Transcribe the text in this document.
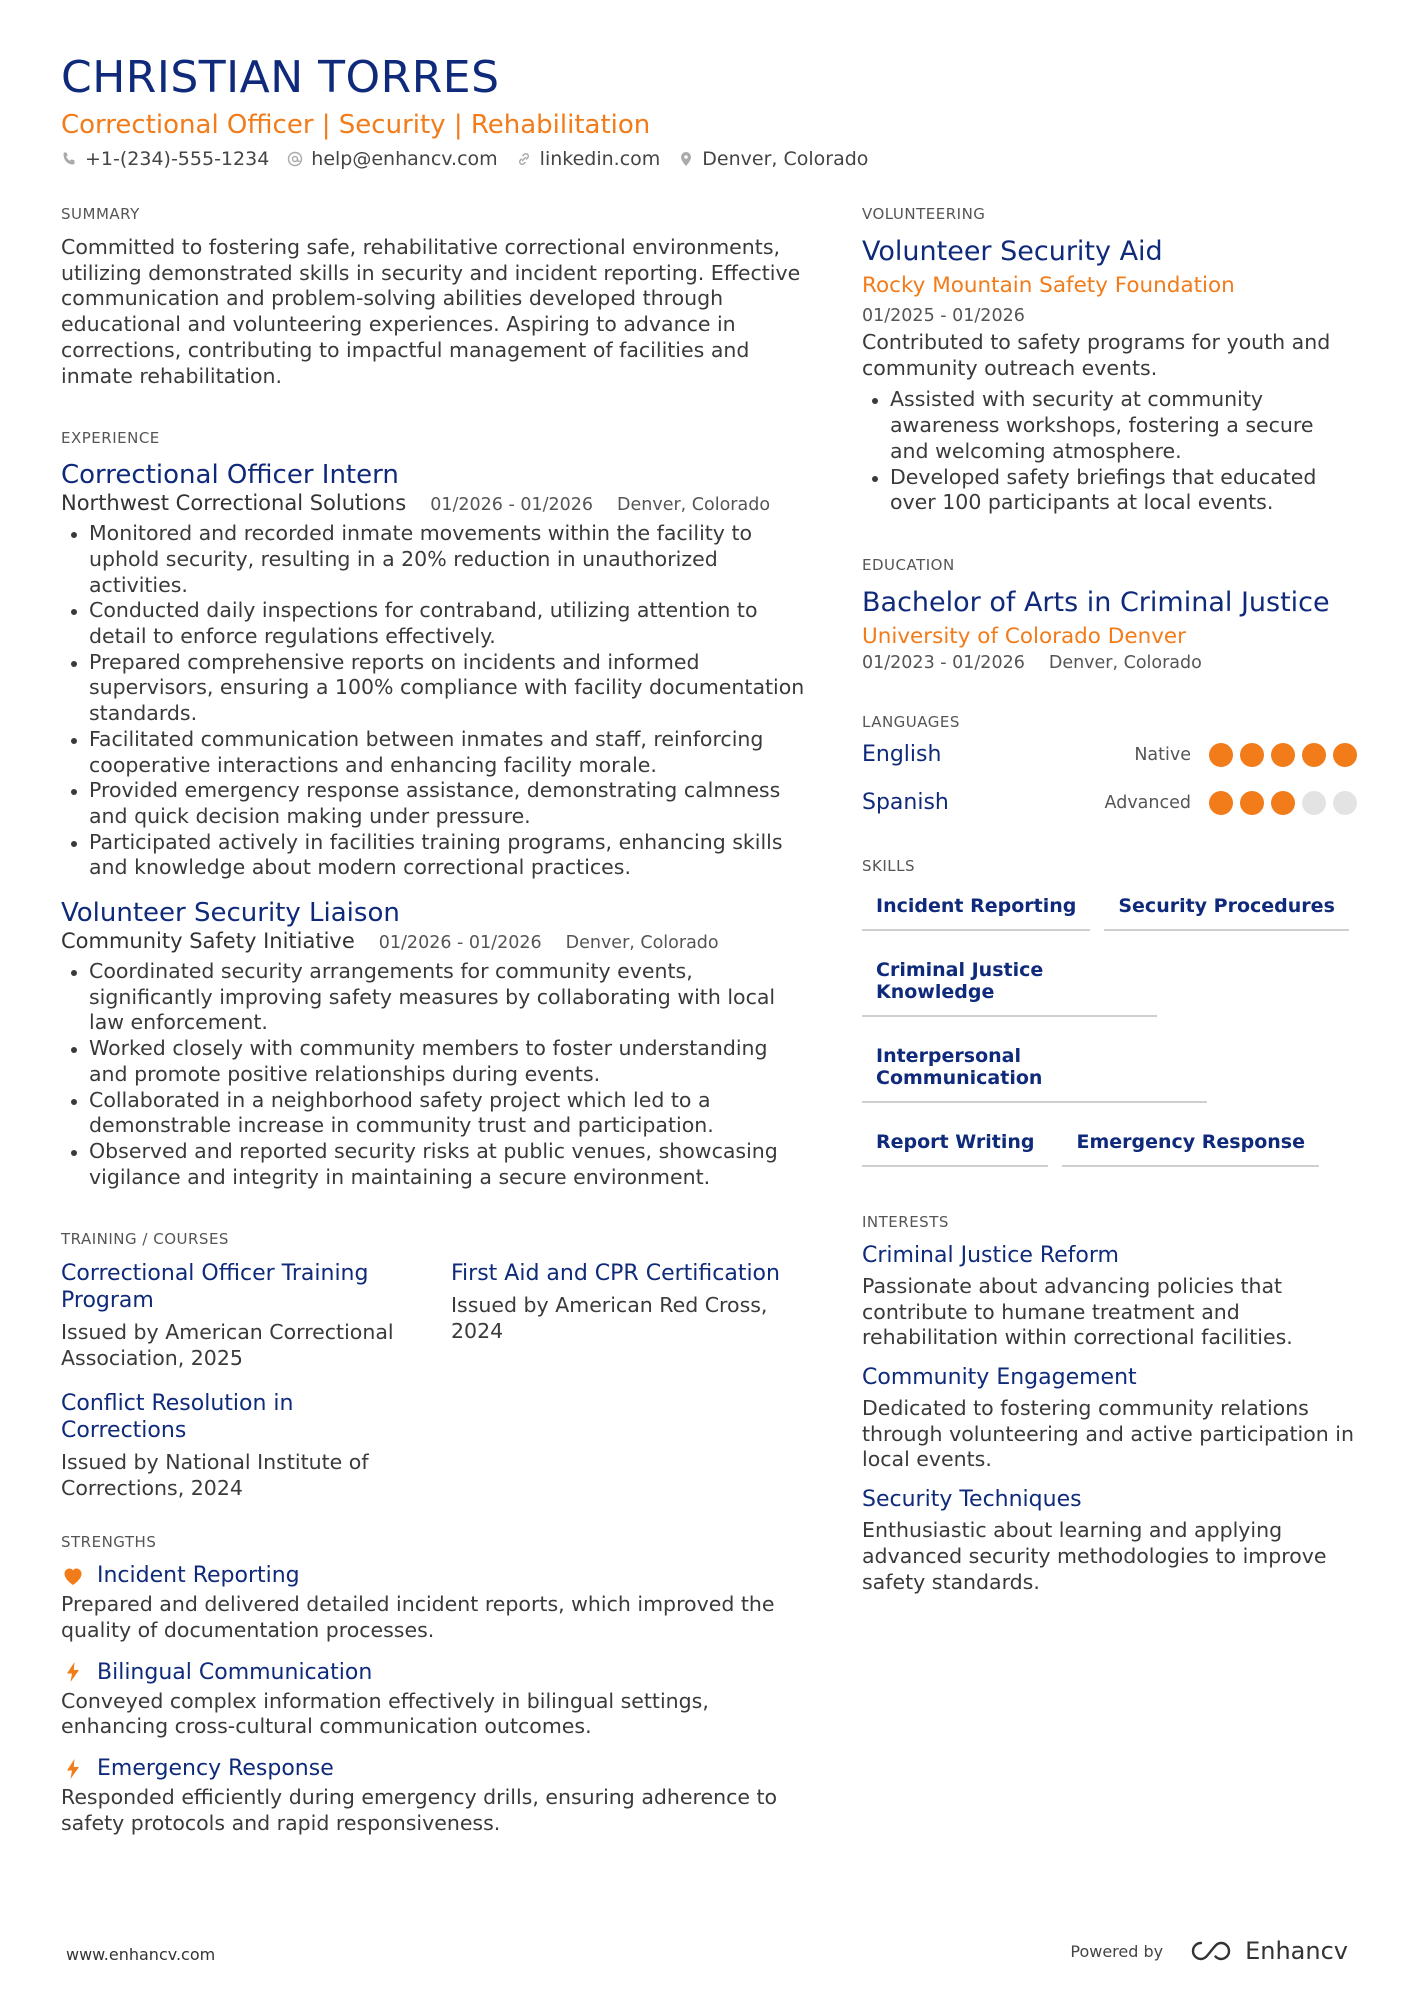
CHRISTIAN TORRES
Correctional Officer | Security | Rehabilitation
+1-(234)-555-1234 help@enhancv.com linkedin.com Denver, Colorado
SUMMARY

Committed to fostering safe, rehabilitative correctional environments, utilizing demonstrated skills in security and incident reporting. Effective communication and problem-solving abilities developed through educational and volunteering experiences. Aspiring to advance in corrections, contributing to impactful management of facilities and inmate rehabilitation.

EXPERIENCE
Correctional Officer Intern
Northwest Correctional Solutions 01/2026 - 01/2026 Denver, Colorado
Monitored and recorded inmate movements within the facility to uphold security, resulting in a 20% reduction in unauthorized activities.
Conducted daily inspections for contraband, utilizing attention to detail to enforce regulations effectively.
Prepared comprehensive reports on incidents and informed supervisors, ensuring a 100% compliance with facility documentation standards.
Facilitated communication between inmates and staff, reinforcing cooperative interactions and enhancing facility morale.
Provided emergency response assistance, demonstrating calmness and quick decision making under pressure.
Participated actively in facilities training programs, enhancing skills and knowledge about modern correctional practices.
Volunteer Security Liaison
Community Safety Initiative 01/2026 - 01/2026 Denver, Colorado
Coordinated security arrangements for community events, significantly improving safety measures by collaborating with local law enforcement.
Worked closely with community members to foster understanding and promote positive relationships during events.
Collaborated in a neighborhood safety project which led to a demonstrable increase in community trust and participation.
Observed and reported security risks at public venues, showcasing vigilance and integrity in maintaining a secure environment.
TRAINING / COURSES
Correctional Officer Training Program
Issued by American Correctional Association, 2025
First Aid and CPR Certification
Issued by American Red Cross, 2024
Conflict Resolution in Corrections
Issued by National Institute of Corrections, 2024
STRENGTHS
Incident Reporting

Prepared and delivered detailed incident reports, which improved the quality of documentation processes.

Bilingual Communication

Conveyed complex information effectively in bilingual settings, enhancing cross-cultural communication outcomes.

Emergency Response

Responded efficiently during emergency drills, ensuring adherence to safety protocols and rapid responsiveness.

VOLUNTEERING
Volunteer Security Aid
Rocky Mountain Safety Foundation
01/2025 - 01/2026

Contributed to safety programs for youth and community outreach events.

Assisted with security at community awareness workshops, fostering a secure and welcoming atmosphere.
Developed safety briefings that educated over 100 participants at local events.
EDUCATION
Bachelor of Arts in Criminal Justice
University of Colorado Denver
01/2023 - 01/2026 Denver, Colorado
LANGUAGES
English	Native
Spanish	Advanced
SKILLS
Incident Reporting	Security Procedures
Criminal Justice Knowledge
Interpersonal Communication
Report Writing	Emergency Response
INTERESTS
Criminal Justice Reform

Passionate about advancing policies that contribute to humane treatment and rehabilitation within correctional facilities.

Community Engagement

Dedicated to fostering community relations through volunteering and active participation in local events.

Security Techniques

Enthusiastic about learning and applying advanced security methodologies to improve safety standards.

www.enhancv.com	Powered by	Enhancv
